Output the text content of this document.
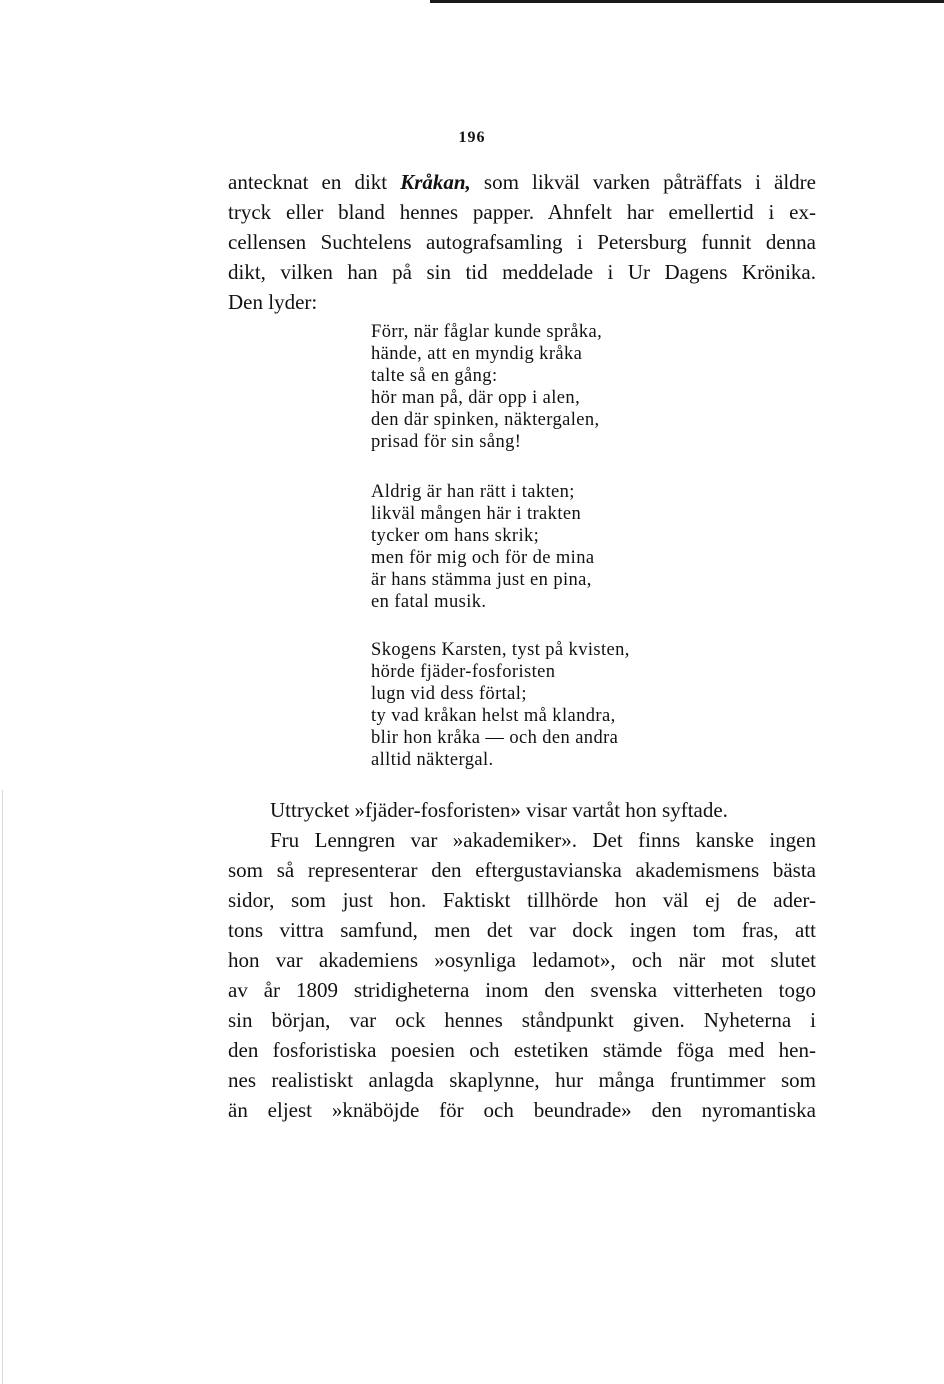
196
antecknat en dikt Kråkan, som likväl varken påträffats i äldre
tryck eller bland hennes papper. Ahnfelt har emellertid i ex-
cellensen Suchtelens autografsamling i Petersburg funnit denna
dikt, vilken han på sin tid meddelade i Ur Dagens Krönika.
Den lyder:
Förr, när fåglar kunde språka,
hände, att en myndig kråka
talte så en gång:
hör man på, där opp i alen,
den där spinken, näktergalen,
prisad för sin sång!
Aldrig är han rätt i takten;
likväl mången här i trakten
tycker om hans skrik;
men för mig och för de mina
är hans stämma just en pina,
en fatal musik.
Skogens Karsten, tyst på kvisten,
hörde fjäder-fosforisten
lugn vid dess förtal;
ty vad kråkan helst må klandra,
blir hon kråka — och den andra
alltid näktergal.
Uttrycket »fjäder-fosforisten» visar vartåt hon syftade.
Fru Lenngren var »akademiker». Det finns kanske ingen
som så representerar den eftergustavianska akademismens bästa
sidor, som just hon. Faktiskt tillhörde hon väl ej de ader-
tons vittra samfund, men det var dock ingen tom fras, att
hon var akademiens »osynliga ledamot», och när mot slutet
av år 1809 stridigheterna inom den svenska vitterheten togo
sin början, var ock hennes ståndpunkt given. Nyheterna i
den fosforistiska poesien och estetiken stämde föga med hen-
nes realistiskt anlagda skaplynne, hur många fruntimmer som
än eljest »knäböjde för och beundrade» den nyromantiska
